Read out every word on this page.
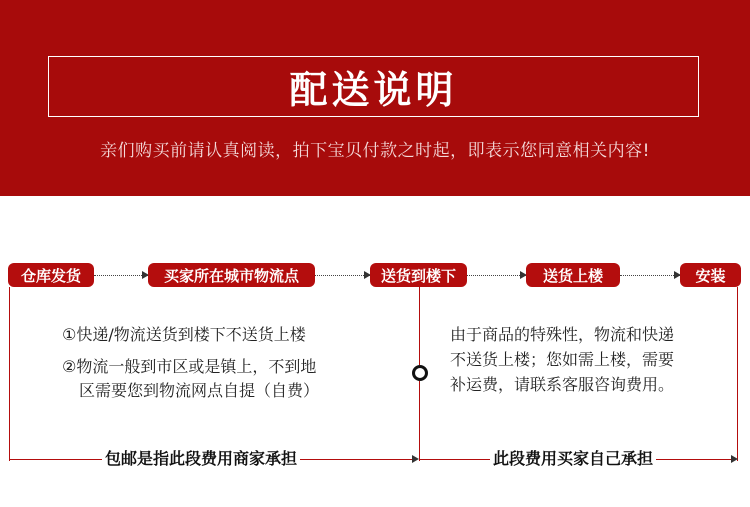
配送说明
亲们购买前请认真阅读，拍下宝贝付款之时起，即表示您同意相关内容!
仓库发货	买家所在城市物流点	送货到楼下	送货上楼	安装
①快递/物流送货到楼下不送货上楼
②物流一般到市区或是镇上，不到地
区需要您到物流网点自提（自费）
包邮是指此段费用商家承担
由于商品的特殊性，物流和快递
不送货上楼；您如需上楼，需要
补运费，请联系客服咨询费用。
此段费用买家自己承担
